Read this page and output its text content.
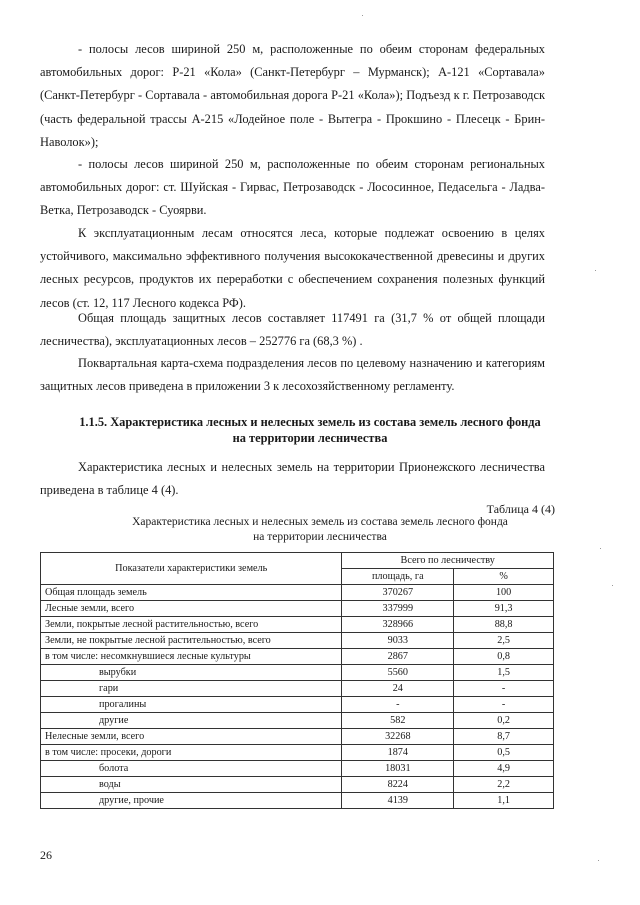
- полосы лесов шириной 250 м, расположенные по обеим сторонам федеральных автомобильных дорог: Р-21 «Кола» (Санкт-Петербург – Мурманск); А-121 «Сортавала» (Санкт-Петербург - Сортавала - автомобильная дорога Р-21 «Кола»); Подъезд к г. Петрозаводск (часть федеральной трассы А-215 «Лодейное поле - Вытегра - Прокшино - Плесецк - Брин-Наволок»);

- полосы лесов шириной 250 м, расположенные по обеим сторонам региональных автомобильных дорог: ст. Шуйская - Гирвас, Петрозаводск - Лососинное, Педасельга - Ладва-Ветка, Петрозаводск - Суоярви.

К эксплуатационным лесам относятся леса, которые подлежат освоению в целях устойчивого, максимально эффективного получения высококачественной древесины и других лесных ресурсов, продуктов их переработки с обеспечением сохранения полезных функций лесов (ст. 12, 117 Лесного кодекса РФ).

Общая площадь защитных лесов составляет 117491 га (31,7 % от общей площади лесничества), эксплуатационных лесов – 252776 га (68,3 %) .

Поквартальная карта-схема подразделения лесов по целевому назначению и категориям защитных лесов приведена в приложении 3 к лесохозяйственному регламенту.

1.1.5. Характеристика лесных и нелесных земель из состава земель лесного фонда
на территории лесничества

Характеристика лесных и нелесных земель на территории Прионежского лесничества приведена в таблице 4 (4).

Таблица 4 (4)
Характеристика лесных и нелесных земель из состава земель лесного фонда
на территории лесничества
Показатели характеристики земель	Всего по лесничеству	
	площадь, га	%
Общая площадь земель	370267	100
Лесные земли, всего	337999	91,3
Земли, покрытые лесной растительностью, всего	328966	88,8
Земли, не покрытые лесной растительностью, всего	9033	2,5
в том числе: несомкнувшиеся лесные культуры	2867	0,8
вырубки	5560	1,5
гари	24	-
прогалины	-	-
другие	582	0,2
Нелесные земли, всего	32268	8,7
в том числе: просеки, дороги	1874	0,5
болота	18031	4,9
воды	8224	2,2
другие, прочие	4139	1,1
26
